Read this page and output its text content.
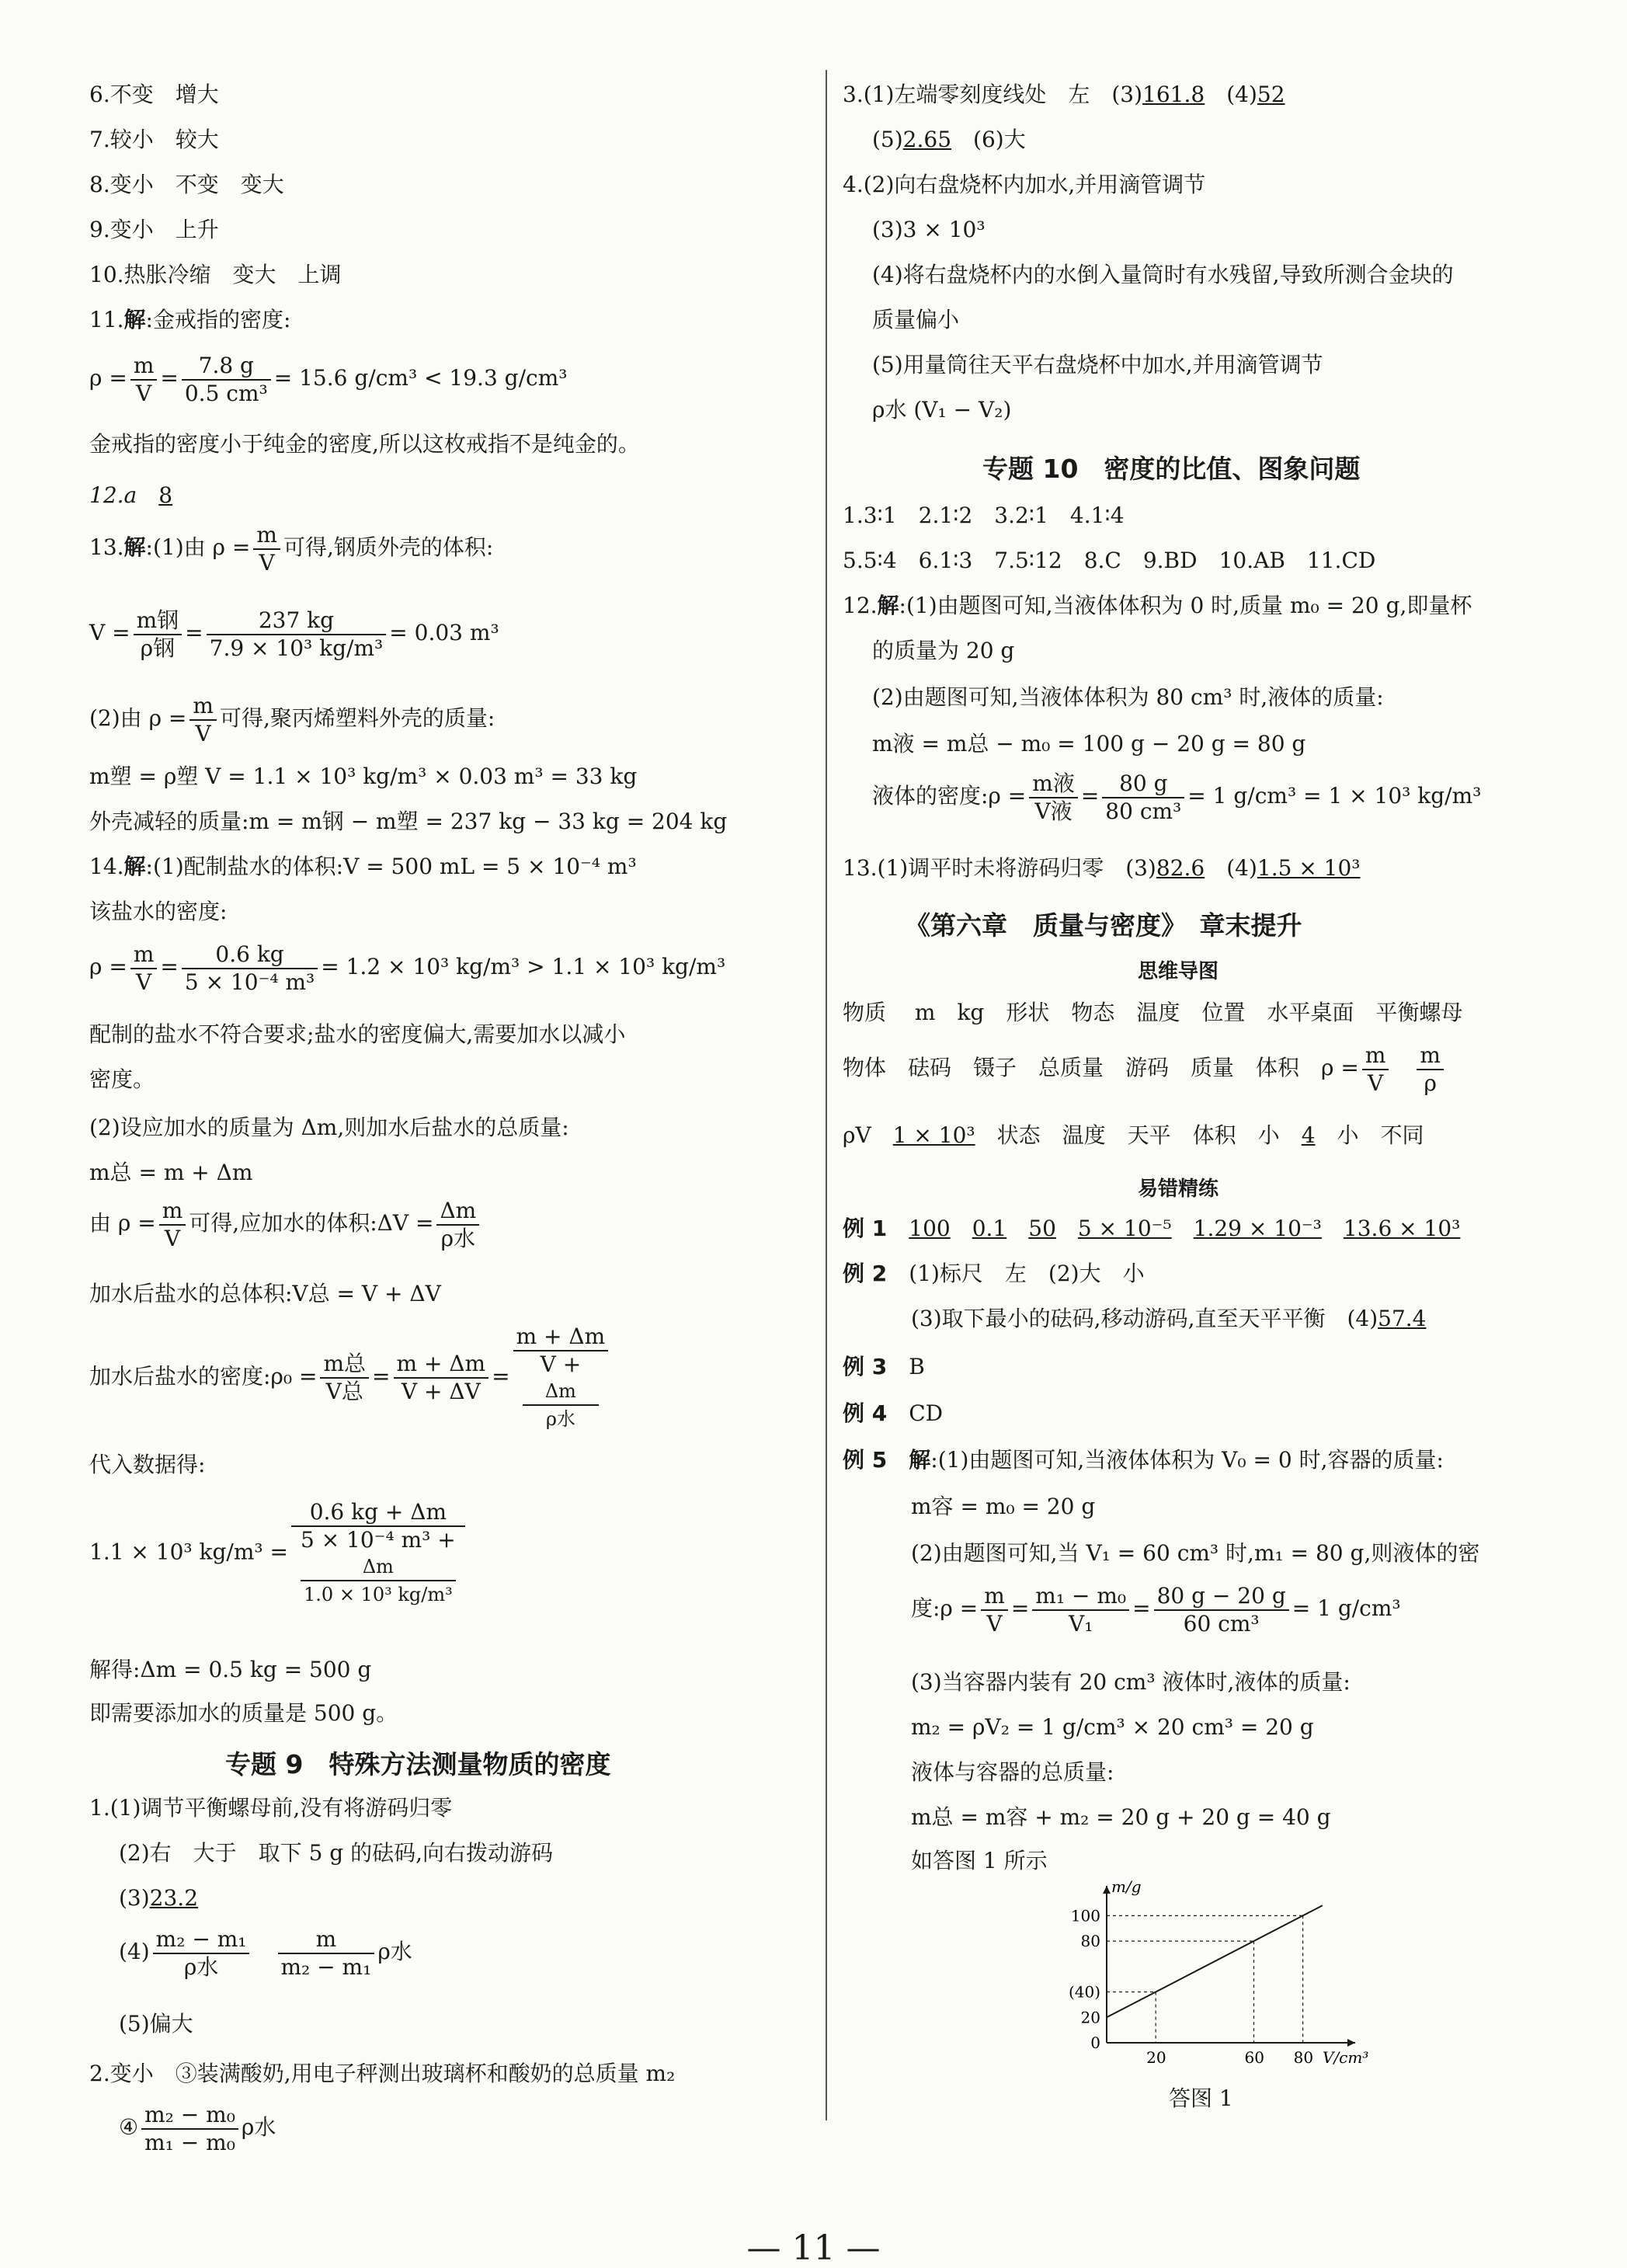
6.不变　增大
7.较小　较大
8.变小　不变　变大
9.变小　上升
10.热胀冷缩　变大　上调
11.解:金戒指的密度:
$\rho = \frac{m}{V} = \frac{7.8 g}{\text{0.5 cm³}} = 15.6$ g/cm³ < 19.3 g/cm³
金戒指的密度小于纯金的密度,所以这枚戒指不是纯金的。
12.a　 8
13.解:(1)由 $\rho = \frac{m}{V}$ 可得,钢质外壳的体积:
$V = \frac{\text{m钢}}{\text{ρ钢}} = \frac{237 kg}{\text{7.9 × 10³ kg/m³}} = 0.03$ m³
(2)由 $\rho = \frac{m}{V}$ 可得,聚丙烯塑料外壳的质量:
m塑 = ρ塑 V = 1.1 × 10³ kg/m³ × 0.03 m³ = 33 kg
外壳减轻的质量:m = m钢 − m塑 = 237 kg − 33 kg = 204 kg
14.解:(1)配制盐水的体积:V = 500 mL = 5 × 10⁻⁴ m³
该盐水的密度:
$\rho = \frac{m}{V} = \frac{0.6 kg}{\text{5 × 10⁻⁴ m³}} = 1.2 \times 10^3$ kg/m³ > 1.1 × 10³ kg/m³
配制的盐水不符合要求;盐水的密度偏大,需要加水以减小
密度。
(2)设应加水的质量为 Δm,则加水后盐水的总质量:
m总 = m + Δm
由 $\rho = \frac{m}{V}$ 可得,应加水的体积:ΔV = $\frac{\Delta m}{\text{ρ水}}$
加水后盐水的总体积:V总 = V + ΔV
加水后盐水的密度:ρ₀ = $\frac{\text{m总}}{\text{V总}} = \frac{m + \Delta m}{V + \Delta V} = m + \Delta m$
V +
Δm
ρ水
代入数据得:
1.1 × 10³ kg/m³ = 0.6 kg + Δm
5 × 10⁻⁴ m³ +
Δm
1.0 × 10³ kg/m³
解得:Δm = 0.5 kg = 500 g
即需要添加水的质量是 500 g。
专题 9　特殊方法测量物质的密度
1.(1)调节平衡螺母前,没有将游码归零
(2)右　大于　取下 5 g 的砝码,向右拨动游码
(3)23.2
$(4) \frac{\text{m₂ − m₁}}{\text{ρ水}}$
　 $\frac{m}{\text{m₂ − m₁}}$ ρ水
(5)偏大
2.变小　③装满酸奶,用电子秤测出玻璃杯和酸奶的总质量 m₂
④ $\frac{\text{m₂ − m₀}}{\text{m₁ − m₀}}$ ρ水
3.(1)左端零刻度线处　左　(3)161.8　 (4)52
(5)2.65　 (6)大
4.(2)向右盘烧杯内加水,并用滴管调节
(3)3 × 10³
(4)将右盘烧杯内的水倒入量筒时有水残留,导致所测合金块的
质量偏小
(5)用量筒往天平右盘烧杯中加水,并用滴管调节
ρ水 (V₁ − V₂)
专题 10　密度的比值、图象问题
1.3∶1　2.1∶2　3.2∶1　4.1∶4
5.5∶4　6.1∶3　7.5∶12　8.C　9.BD　10.AB　11.CD
12.解:(1)由题图可知,当液体体积为 0 时,质量 m₀ = 20 g,即量杯
的质量为 20 g
(2)由题图可知,当液体体积为 80 cm³ 时,液体的质量:
m液 = m总 − m₀ = 100 g − 20 g = 80 g
液体的密度:ρ = $\frac{\text{m液}}{\text{V液}} = \frac{80 g}{\text{80 cm³}} = 1$ g/cm³ = 1 × 10³ kg/m³
13.(1)调平时未将游码归零　(3)82.6　 (4)1.5 × 10³
《第六章　质量与密度》　章末提升
思维导图
物质　 m　kg　形状　物态　温度　位置　水平桌面　平衡螺母
物体　砝码　镊子　总质量　游码　质量　体积　$\rho = \frac{m}{V}$
　 $\frac{m}{\rho}$
ρV　 1 × 10³　 状态　温度　天平　体积　小　 4　 小　不同
易错精练
例 1　 100　 0.1　 50　 5 × 10⁻⁵　 1.29 × 10⁻³　 13.6 × 10³
例 2　 (1)标尺　左　(2)大　小
(3)取下最小的砝码,移动游码,直至天平平衡　(4)57.4
例 3　 B
例 4　 CD
例 5　 解:(1)由题图可知,当液体体积为 V₀ = 0 时,容器的质量:
m容 = m₀ = 20 g
(2)由题图可知,当 V₁ = 60 cm³ 时,m₁ = 80 g,则液体的密
度:ρ = $\frac{m}{V} = \frac{\text{m₁ − m₀}}{\text{V₁}} = \frac{80 g - 20 g}{\text{60 cm³}} = 1$ g/cm³
(3)当容器内装有 20 cm³ 液体时,液体的质量:
m₂ = ρV₂ = 1 g/cm³ × 20 cm³ = 20 g
液体与容器的总质量:
m总 = m容 + m₂ = 20 g + 20 g = 40 g
如答图 1 所示
m/g
V/cm³
20	60 80
0
20
(40)
80
100
答图 1
— 11 —
